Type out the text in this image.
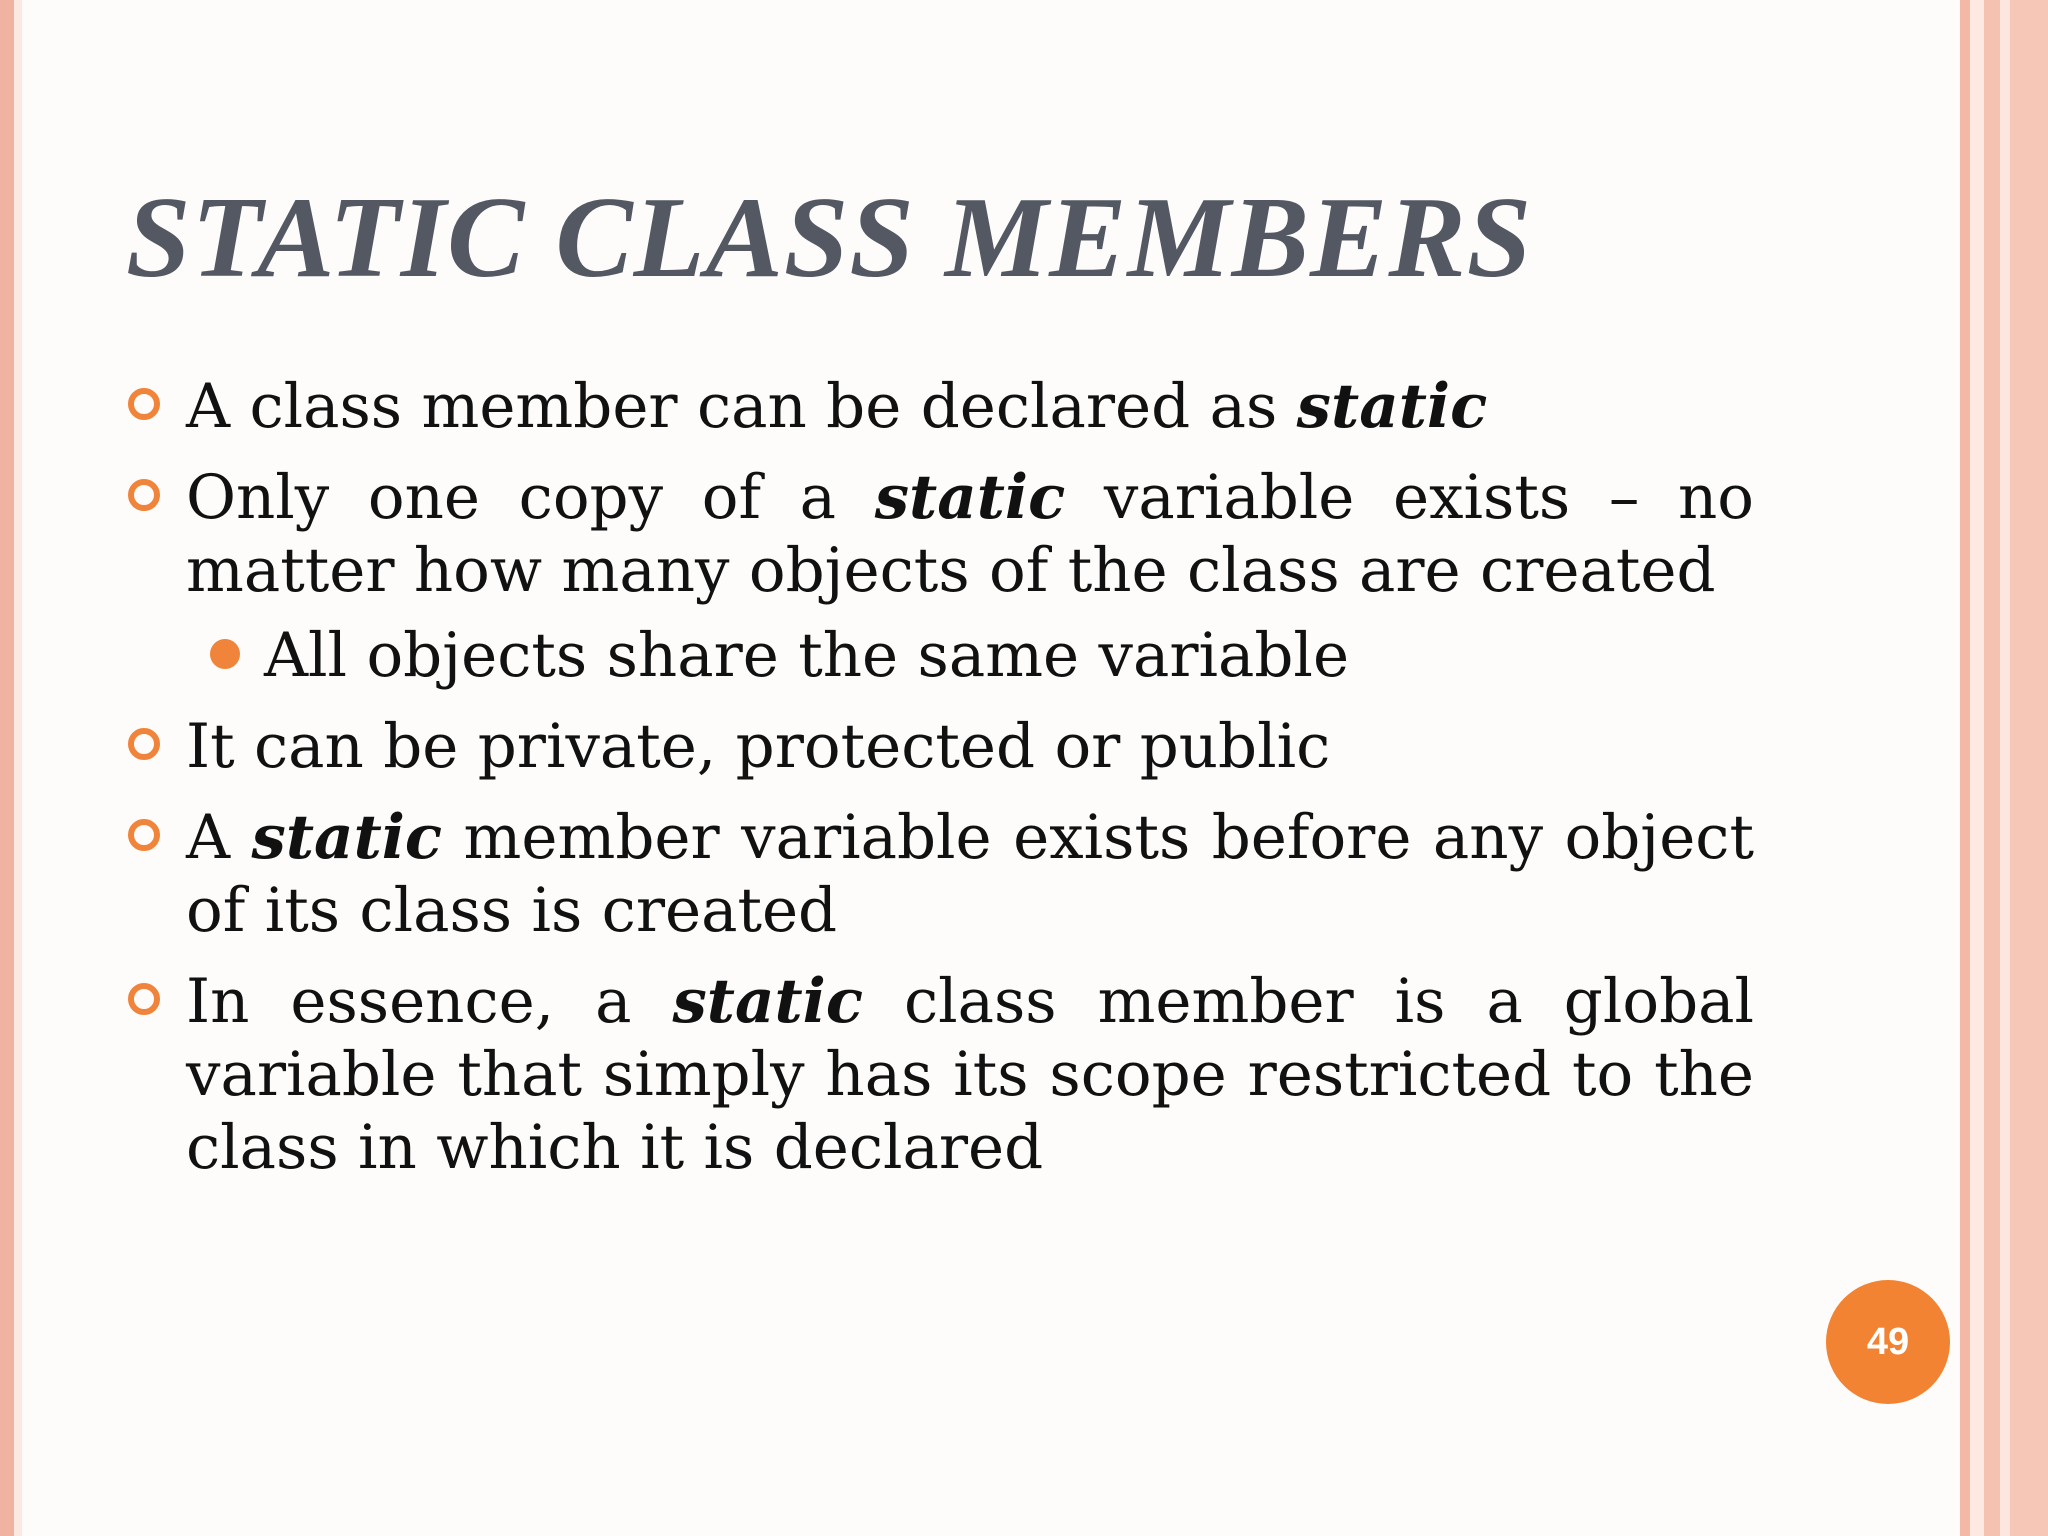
STATIC CLASS MEMBERS
A class member can be declared as static
Only one copy of a static variable exists – no matter how many objects of the class are created
All objects share the same variable
It can be private, protected or public
A static member variable exists before any object of its class is created
In essence, a static class member is a global variable that simply has its scope restricted to the class in which it is declared
49
